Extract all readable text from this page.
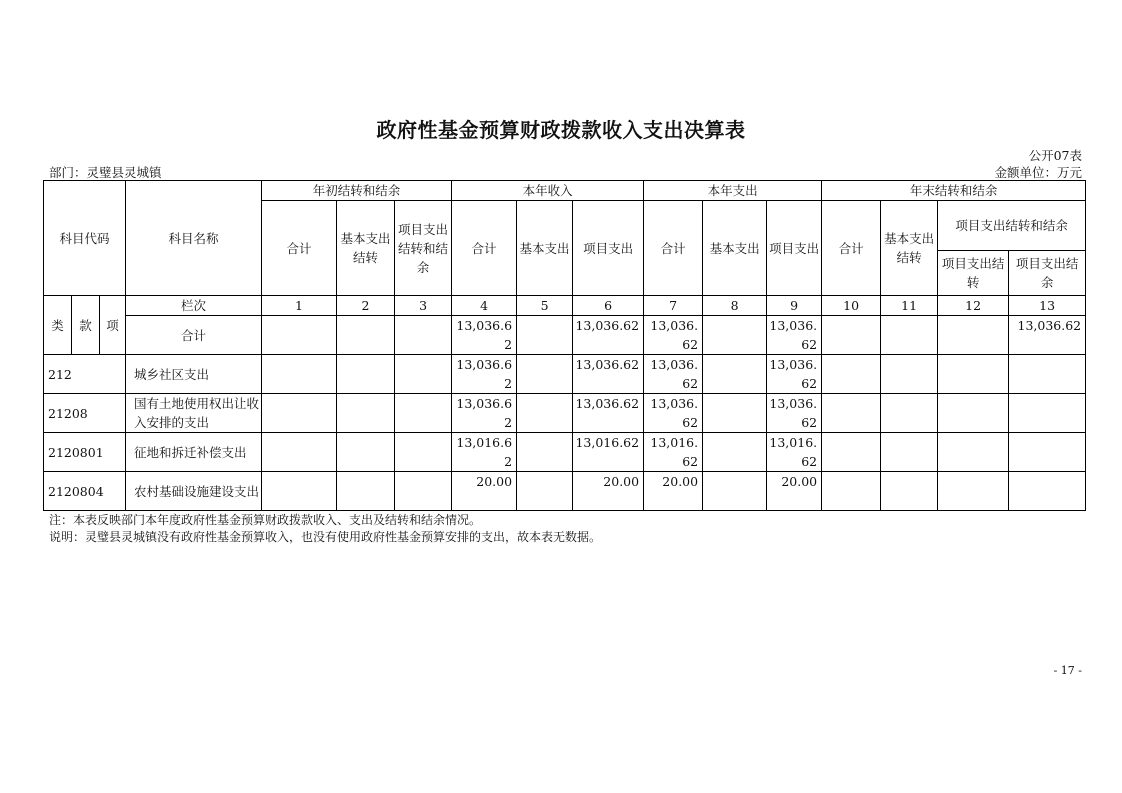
政府性基金预算财政拨款收入支出决算表
公开07表
部门：灵璧县灵城镇	金额单位：万元
科目代码			科目名称	年初结转和结余			本年收入			本年支出			年末结转和结余			
				合计	基本支出结转	项目支出结转和结余	合计	基本支出	项目支出	合计	基本支出	项目支出	合计	基本支出结转	项目支出结转和结余	
															项目支出结转	项目支出结余
类	款	项	栏次	1	2	3	4	5	6	7	8	9	10	11	12	13
			合计				13,036.62		13,036.62	13,036.62		13,036.62				13,036.62
212			城乡社区支出				13,036.62		13,036.62	13,036.62		13,036.62				
21208			国有土地使用权出让收入安排的支出				13,036.62		13,036.62	13,036.62		13,036.62				
2120801			征地和拆迁补偿支出				13,016.62		13,016.62	13,016.62		13,016.62				
2120804			农村基础设施建设支出				20.00		20.00	20.00		20.00				
注：本表反映部门本年度政府性基金预算财政拨款收入、支出及结转和结余情况。
说明：灵璧县灵城镇没有政府性基金预算收入，也没有使用政府性基金预算安排的支出，故本表无数据。
- 17 -
